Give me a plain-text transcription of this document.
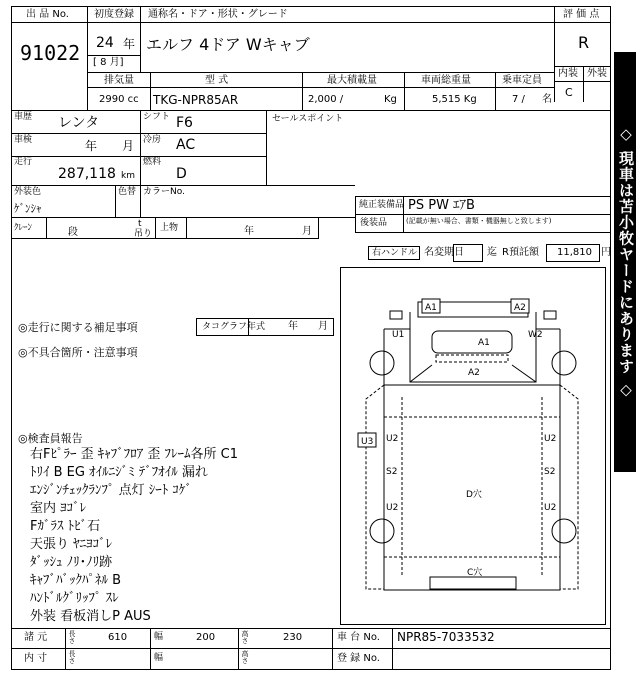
出 品 No.
91022
初度登録
24 年
[ 8 月]
通称名・ドア・形状・グレード
エルフ 4ドア Wキャブ
評 価 点
R
内装 外装
C
排気量
2990 cc
型 式
TKG-NPR85AR
最大積載量
2,000 /	Kg
車両総重量
5,515 Kg
乗車定員
7 / 名
車歴 レンタ	シフト F6	セールスポイント
車検	年 月 冷房 AC
走行
287,118 km
燃料
D
外装色
ｹﾞﾝｼｬ
色替 カラーNo.
純正装備品 PS PW ｴｱB
後装品	(記載が無い場合、書類・機器無しと致します)
ｸﾚｰﾝ	段
t
吊り
上物	年	月
右ハンドル 名変期日 迄 R預託額 11,810 円
◎走行に関する補足事項	タコグラフ年式 年 月
◎不具合箇所・注意事項
◎検査員報告
右Fﾋﾟﾗｰ 歪 ｷｬﾌﾞﾌﾛｱ 歪 ﾌﾚｰﾑ各所 C1
ﾄﾘｲ B EG ｵｲﾙﾆｼﾞﾐ ﾃﾞﾌｵｲﾙ 漏れ
ｴﾝｼﾞﾝﾁｪｯｸﾗﾝﾌﾟ 点灯 ｼｰﾄ ｺｹﾞ
室内 ﾖｺﾞﾚ
Fｶﾞﾗｽ ﾄﾋﾞ石
天張り ﾔﾆﾖｺﾞﾚ
ﾀﾞｯｼｭ ﾉﾘ･ﾉﾘ跡
ｷｬﾌﾞﾊﾞｯｸﾊﾟﾈﾙ B
ﾊﾝﾄﾞﾙｸﾞﾘｯﾌﾟ ｽﾚ
外装 看板消しP AUS
A1	A2
A1
U1	W2
A2
U3 U2	U2
S2	S2
D穴
U2	U2
C穴
諸 元	長さ	610	幅	200	高さ	230	車 台 No. NPR85-7033532
内 寸	長さ	幅	高さ	登 録 No.
◇ 現車は苫小牧ヤードにあります ◇
